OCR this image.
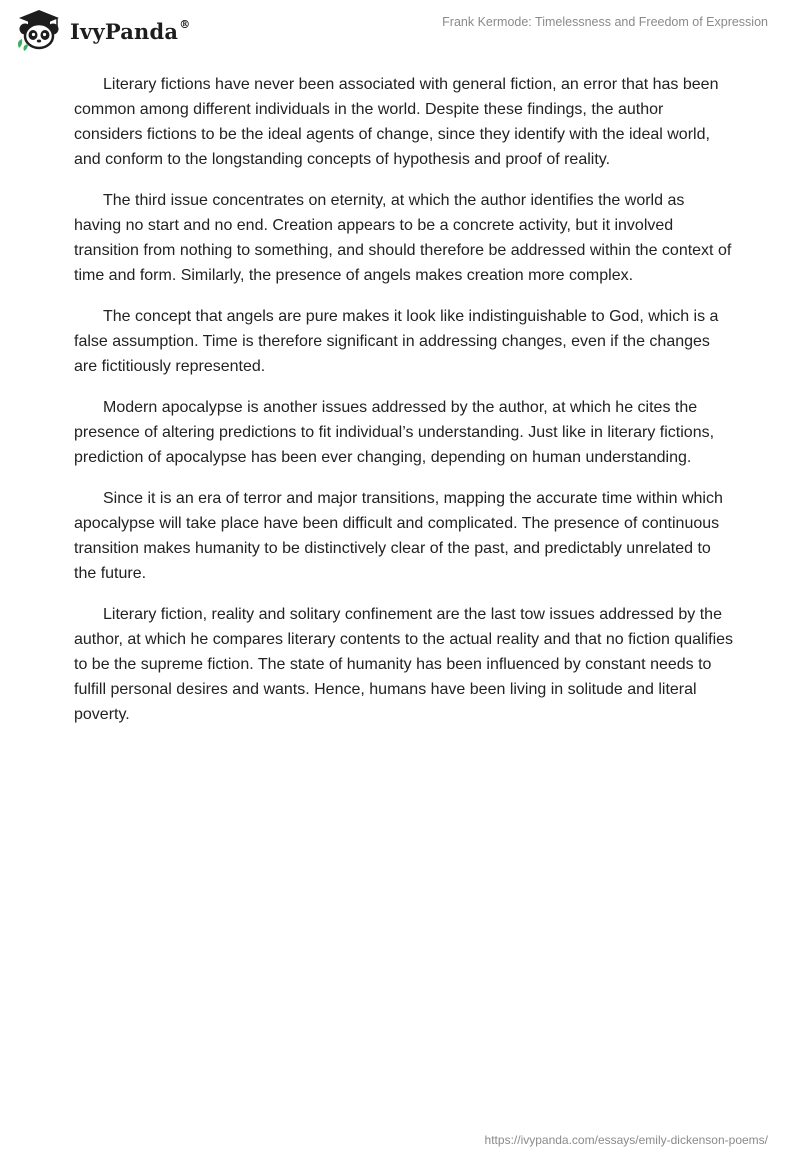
IvyPanda®	Frank Kermode: Timelessness and Freedom of Expression

Literary fictions have never been associated with general fiction, an error that has been common among different individuals in the world. Despite these findings, the author considers fictions to be the ideal agents of change, since they identify with the ideal world, and conform to the longstanding concepts of hypothesis and proof of reality.

The third issue concentrates on eternity, at which the author identifies the world as having no start and no end. Creation appears to be a concrete activity, but it involved transition from nothing to something, and should therefore be addressed within the context of time and form. Similarly, the presence of angels makes creation more complex.

The concept that angels are pure makes it look like indistinguishable to God, which is a false assumption. Time is therefore significant in addressing changes, even if the changes are fictitiously represented.

Modern apocalypse is another issues addressed by the author, at which he cites the presence of altering predictions to fit individual’s understanding. Just like in literary fictions, prediction of apocalypse has been ever changing, depending on human understanding.

Since it is an era of terror and major transitions, mapping the accurate time within which apocalypse will take place have been difficult and complicated. The presence of continuous transition makes humanity to be distinctively clear of the past, and predictably unrelated to the future.

Literary fiction, reality and solitary confinement are the last tow issues addressed by the author, at which he compares literary contents to the actual reality and that no fiction qualifies to be the supreme fiction. The state of humanity has been influenced by constant needs to fulfill personal desires and wants. Hence, humans have been living in solitude and literal poverty.

https://ivypanda.com/essays/emily-dickenson-poems/
